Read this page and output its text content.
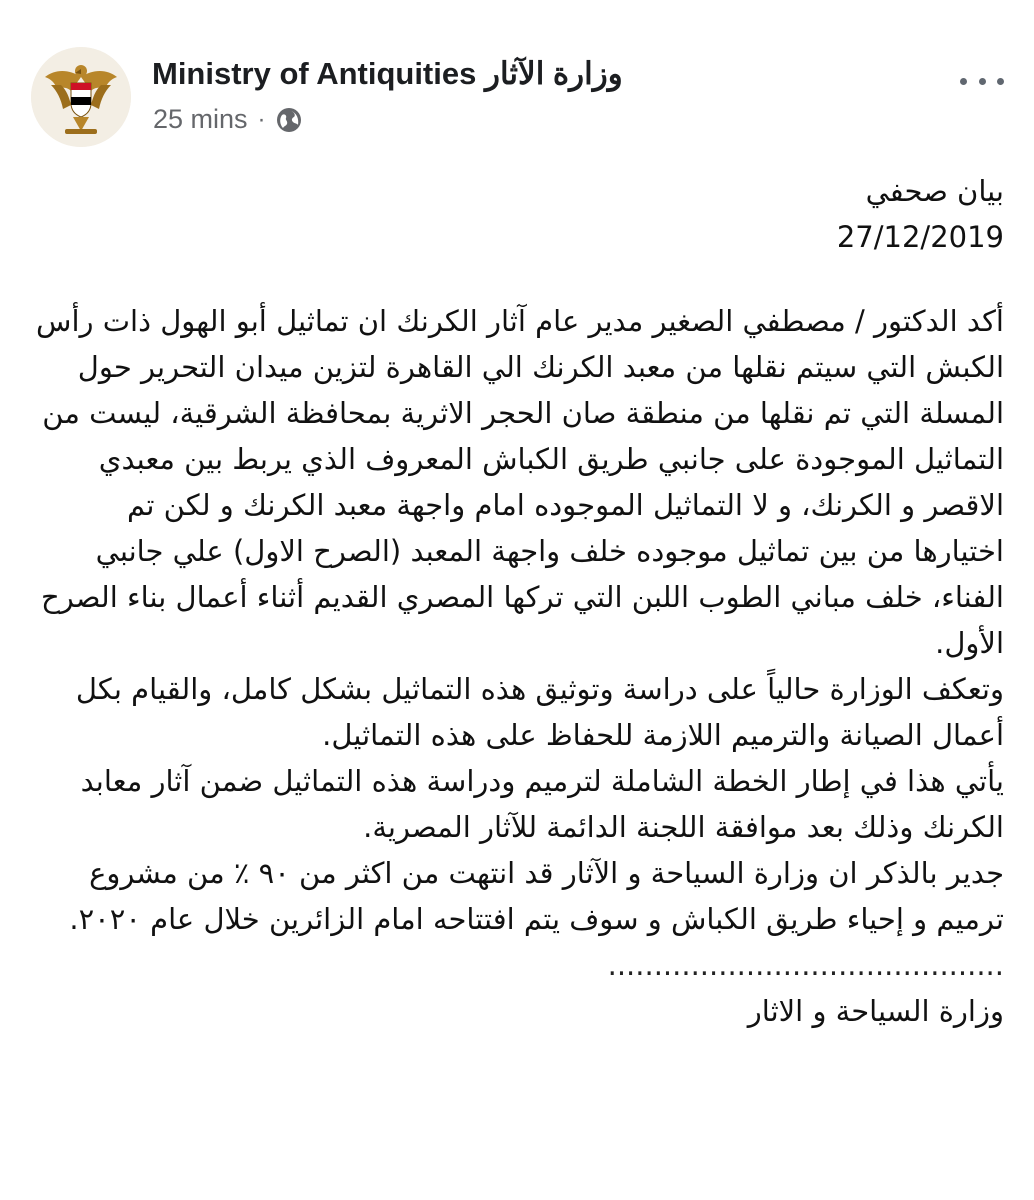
Ministry of Antiquities وزارة الآثار
25 mins ·

بيان صحفي

27/12/2019

أكد الدكتور / مصطفي الصغير مدير عام آثار الكرنك ان تماثيل أبو الهول ذات رأس الكبش التي سيتم نقلها من معبد الكرنك الي القاهرة لتزين ميدان التحرير حول المسلة التي تم نقلها من منطقة صان الحجر الاثرية بمحافظة الشرقية، ليست من التماثيل الموجودة على جانبي طريق الكباش المعروف الذي يربط بين معبدي الاقصر و الكرنك، و لا التماثيل الموجوده امام واجهة معبد الكرنك و لكن تم اختيارها من بين تماثيل موجوده خلف واجهة المعبد (الصرح الاول) علي جانبي الفناء، خلف مباني الطوب اللبن التي تركها المصري القديم أثناء أعمال بناء الصرح الأول.

وتعكف الوزارة حالياً على دراسة وتوثيق هذه التماثيل بشكل كامل، والقيام بكل أعمال الصيانة والترميم اللازمة للحفاظ على هذه التماثيل.

يأتي هذا في إطار الخطة الشاملة لترميم ودراسة هذه التماثيل ضمن آثار معابد الكرنك وذلك بعد موافقة اللجنة الدائمة للآثار المصرية.

جدير بالذكر ان وزارة السياحة و الآثار قد انتهت من اكثر من ٩٠ ٪ من مشروع ترميم و إحياء طريق الكباش و سوف يتم افتتاحه امام الزائرين خلال عام ٢٠٢٠.

...........................................

وزارة السياحة و الاثار
